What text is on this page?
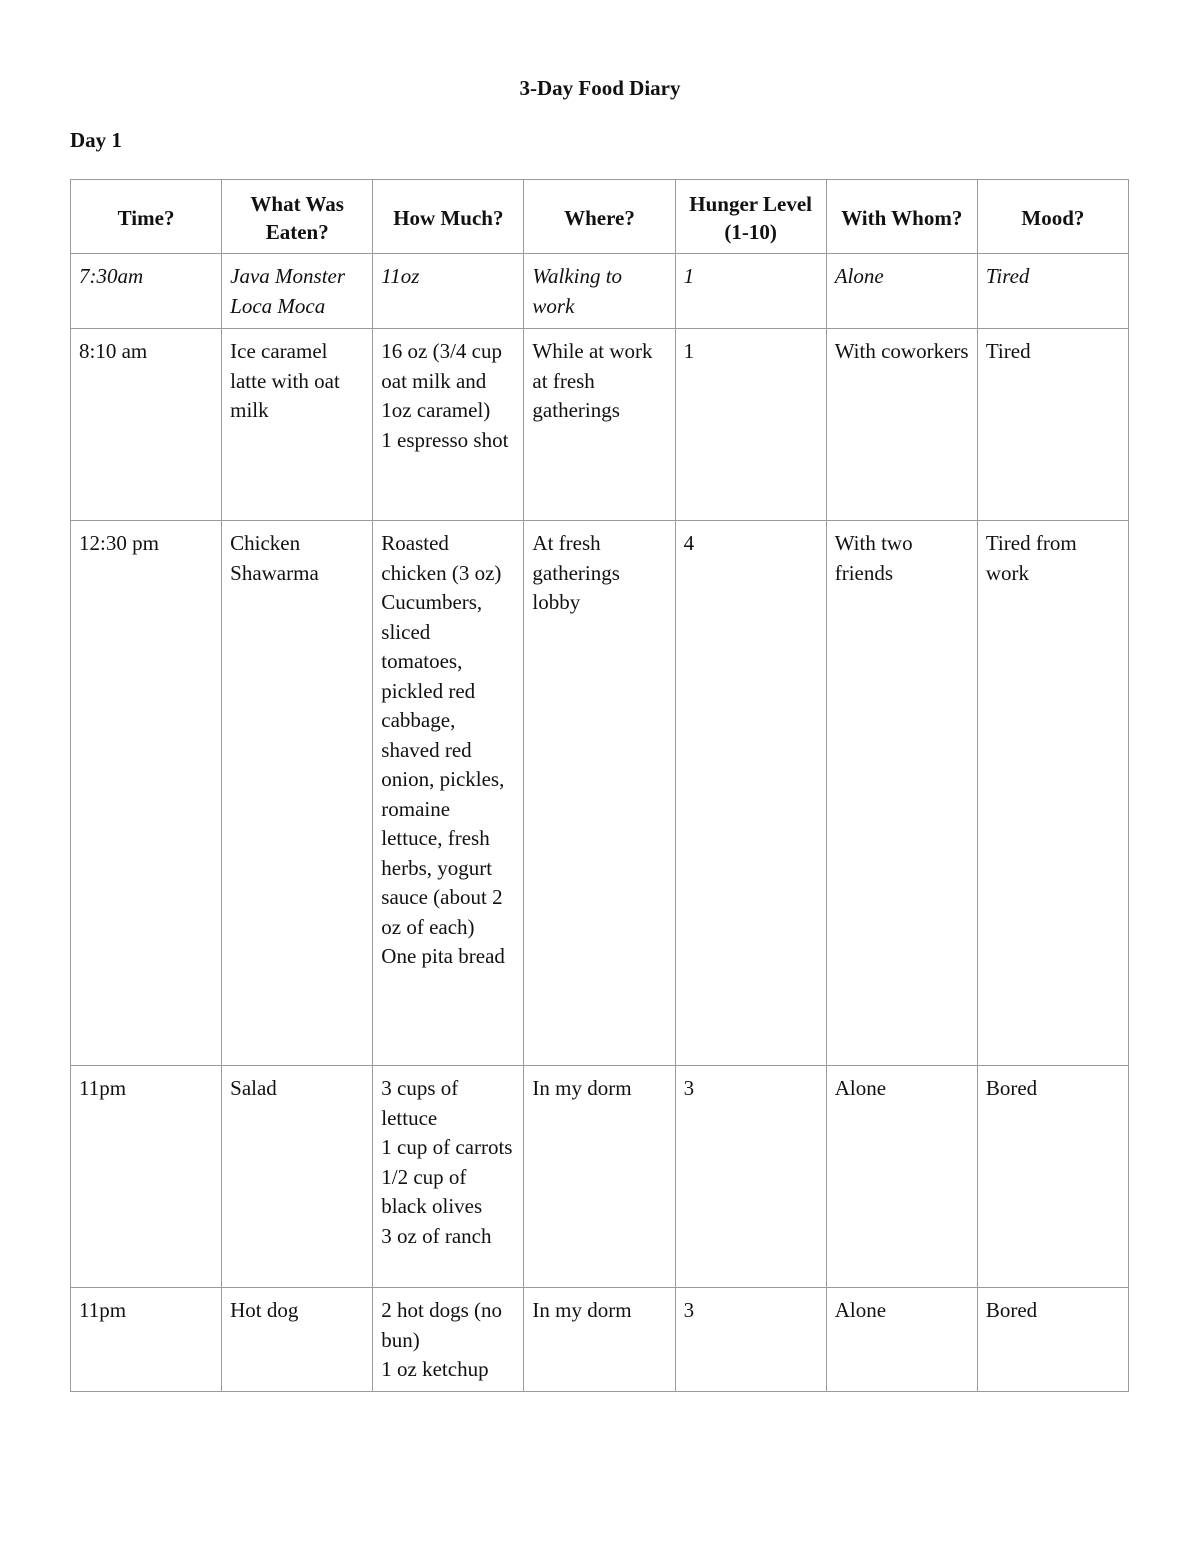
3-Day Food Diary
Day 1
Time?	What Was Eaten?	How Much?	Where?	Hunger Level (1-10)	With Whom?	Mood?
7:30am	Java Monster Loca Moca	11oz	Walking to work	1	Alone	Tired
8:10 am	Ice caramel latte with oat milk	16 oz (3/4 cup oat milk and 1oz caramel)
1 espresso shot	While at work at fresh gatherings	1	With coworkers	Tired
12:30 pm	Chicken Shawarma	Roasted chicken (3 oz)
Cucumbers, sliced tomatoes, pickled red cabbage, shaved red onion, pickles, romaine lettuce, fresh herbs, yogurt sauce (about 2 oz of each)
One pita bread	At fresh gatherings lobby	4	With two friends	Tired from work
11pm	Salad	3 cups of lettuce
1 cup of carrots
1/2 cup of black olives
3 oz of ranch	In my dorm	3	Alone	Bored
11pm	Hot dog	2 hot dogs (no bun)
1 oz ketchup	In my dorm	3	Alone	Bored
